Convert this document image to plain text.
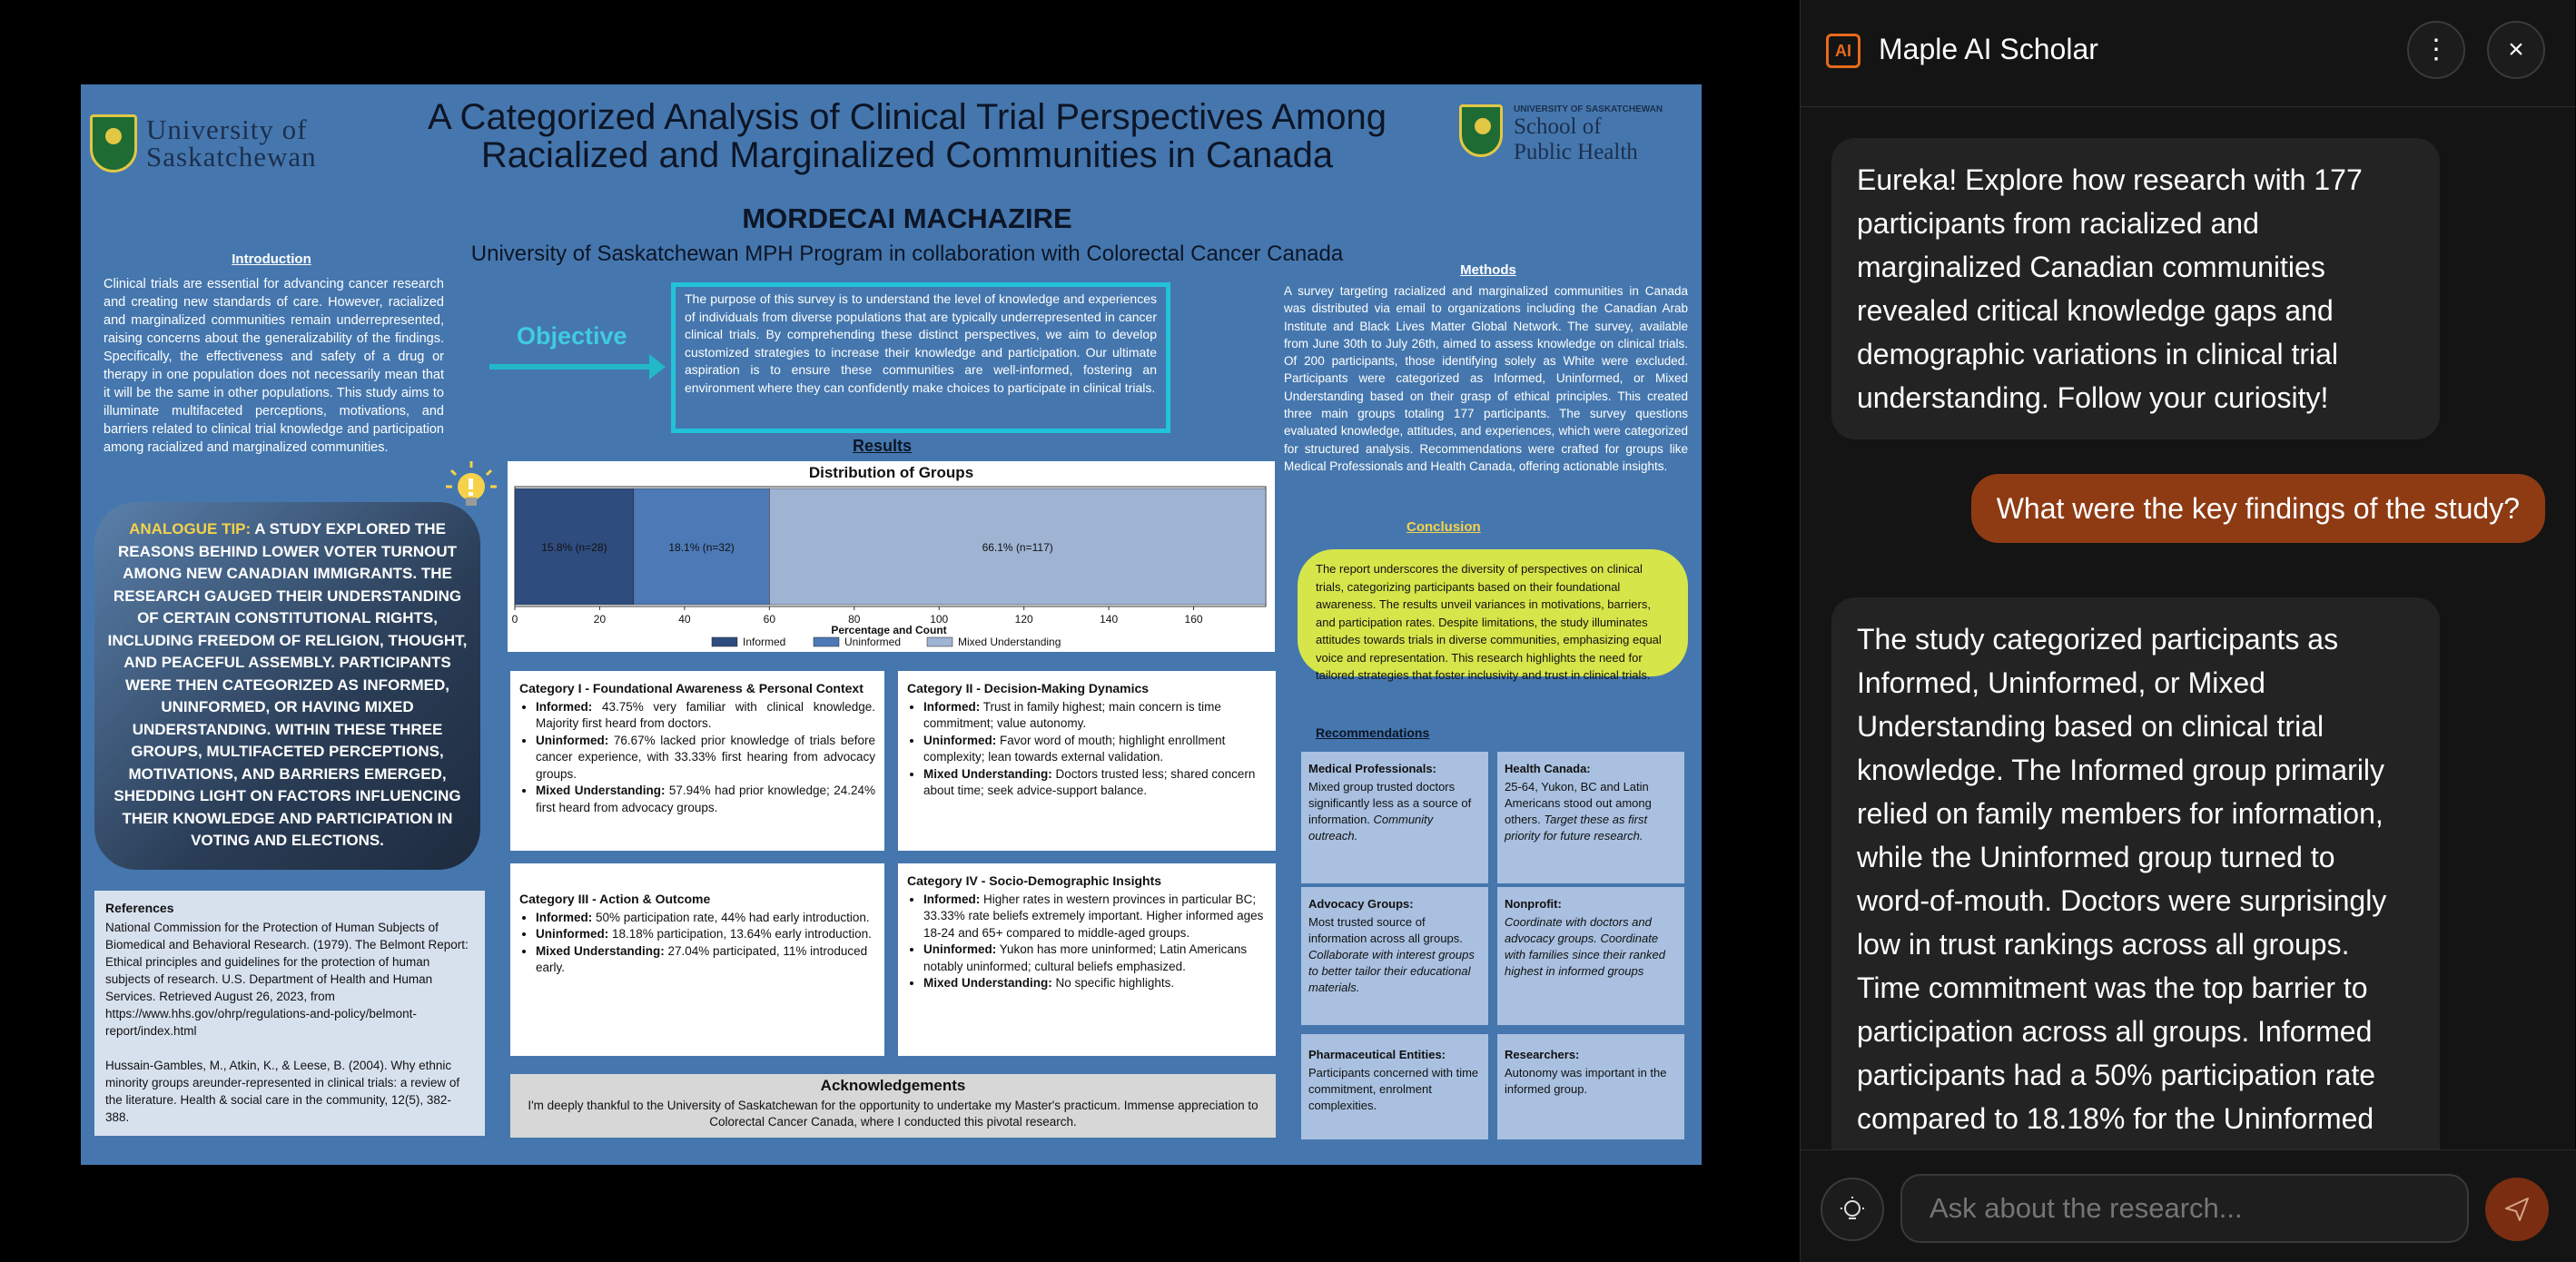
University of
Saskatchewan
A Categorized Analysis of Clinical Trial Perspectives Among Racialized and Marginalized Communities in Canada
UNIVERSITY OF SASKATCHEWAN
School of
Public Health
MORDECAI MACHAZIRE
University of Saskatchewan MPH Program in collaboration with Colorectal Cancer Canada
Introduction
Clinical trials are essential for advancing cancer research and creating new standards of care. However, racialized and marginalized communities remain underrepresented, raising concerns about the generalizability of the findings. Specifically, the effectiveness and safety of a drug or therapy in one population does not necessarily mean that it will be the same in other populations. This study aims to illuminate multifaceted perceptions, motivations, and barriers related to clinical trial knowledge and participation among racialized and marginalized communities.
Objective

The purpose of this survey is to understand the level of knowledge and experiences of individuals from diverse populations that are typically underrepresented in cancer clinical trials. By comprehending these distinct perspectives, we aim to develop customized strategies to increase their knowledge and participation. Our ultimate aspiration is to ensure these communities are well-informed, fostering an environment where they can confidently make choices to participate in clinical trials.

Results
Distribution of Groups
15.8% (n=28)	18.1% (n=32)	66.1% (n=117)
0	20	40	60	80	100	120	140	160
Percentage and Count
Informed	Uninformed	Mixed Understanding
ANALOGUE TIP: A STUDY EXPLORED THE REASONS BEHIND LOWER VOTER TURNOUT AMONG NEW CANADIAN IMMIGRANTS. THE RESEARCH GAUGED THEIR UNDERSTANDING OF CERTAIN CONSTITUTIONAL RIGHTS, INCLUDING FREEDOM OF RELIGION, THOUGHT, AND PEACEFUL ASSEMBLY. PARTICIPANTS WERE THEN CATEGORIZED AS INFORMED, UNINFORMED, OR HAVING MIXED UNDERSTANDING. WITHIN THESE THREE GROUPS, MULTIFACETED PERCEPTIONS, MOTIVATIONS, AND BARRIERS EMERGED, SHEDDING LIGHT ON FACTORS INFLUENCING THEIR KNOWLEDGE AND PARTICIPATION IN VOTING AND ELECTIONS.
References

National Commission for the Protection of Human Subjects of Biomedical and Behavioral Research. (1979). The Belmont Report: Ethical principles and guidelines for the protection of human subjects of research. U.S. Department of Health and Human Services. Retrieved August 26, 2023, from https://www.hhs.gov/ohrp/regulations-and-policy/belmont-report/index.html

Hussain-Gambles, M., Atkin, K., & Leese, B. (2004). Why ethnic minority groups areunder-represented in clinical trials: a review of the literature. Health & social care in the community, 12(5), 382-388.

Category I - Foundational Awareness & Personal Context
• Informed: 43.75% very familiar with clinical knowledge. Majority first heard from doctors.
• Uninformed: 76.67% lacked prior knowledge of trials before cancer experience, with 33.33% first hearing from advocacy groups.
• Mixed Understanding: 57.94% had prior knowledge; 24.24% first heard from advocacy groups.
Category II - Decision-Making Dynamics
• Informed: Trust in family highest; main concern is time commitment; value autonomy.
• Uninformed: Favor word of mouth; highlight enrollment complexity; lean towards external validation.
• Mixed Understanding: Doctors trusted less; shared concern about time; seek advice-support balance.
Category III - Action & Outcome
• Informed: 50% participation rate, 44% had early introduction.
• Uninformed: 18.18% participation, 13.64% early introduction.
• Mixed Understanding: 27.04% participated, 11% introduced early.
Category IV - Socio-Demographic Insights
• Informed: Higher rates in western provinces in particular BC; 33.33% rate beliefs extremely important. Higher informed ages 18-24 and 65+ compared to middle-aged groups.
• Uninformed: Yukon has more uninformed; Latin Americans notably uninformed; cultural beliefs emphasized.
• Mixed Understanding: No specific highlights.
Acknowledgements

I'm deeply thankful to the University of Saskatchewan for the opportunity to undertake my Master's practicum. Immense appreciation to Colorectal Cancer Canada, where I conducted this pivotal research.

Methods
A survey targeting racialized and marginalized communities in Canada was distributed via email to organizations including the Canadian Arab Institute and Black Lives Matter Global Network. The survey, available from June 30th to July 26th, aimed to assess knowledge on clinical trials. Of 200 participants, those identifying solely as White were excluded. Participants were categorized as Informed, Uninformed, or Mixed Understanding based on their grasp of ethical principles. This created three main groups totaling 177 participants. The survey questions evaluated knowledge, attitudes, and experiences, which were categorized for structured analysis. Recommendations were crafted for groups like Medical Professionals and Health Canada, offering actionable insights.
Conclusion

The report underscores the diversity of perspectives on clinical trials, categorizing participants based on their foundational awareness. The results unveil variances in motivations, barriers, and participation rates. Despite limitations, the study illuminates attitudes towards trials in diverse communities, emphasizing equal voice and representation. This research highlights the need for tailored strategies that foster inclusivity and trust in clinical trials.

Recommendations
Medical Professionals:
Mixed group trusted doctors significantly less as a source of information. Community outreach.
Health Canada:
25-64, Yukon, BC and Latin Americans stood out among others. Target these as first priority for future research.
Advocacy Groups:
Most trusted source of information across all groups. Collaborate with interest groups to better tailor their educational materials.
Nonprofit:
Coordinate with doctors and advocacy groups. Coordinate with families since their ranked highest in informed groups
Pharmaceutical Entities:
Participants concerned with time commitment, enrolment complexities.
Researchers:
Autonomy was important in the informed group.
AI Maple AI Scholar	⋮	×
Eureka! Explore how research with 177 participants from racialized and marginalized Canadian communities revealed critical knowledge gaps and demographic variations in clinical trial understanding. Follow your curiosity!
What were the key findings of the study?
The study categorized participants as Informed, Uninformed, or Mixed Understanding based on clinical trial knowledge. The Informed group primarily relied on family members for information, while the Uninformed group turned to word-of-mouth. Doctors were surprisingly low in trust rankings across all groups. Time commitment was the top barrier to participation across all groups. Informed participants had a 50% participation rate compared to 18.18% for the Uninformed
Ask about the research...
